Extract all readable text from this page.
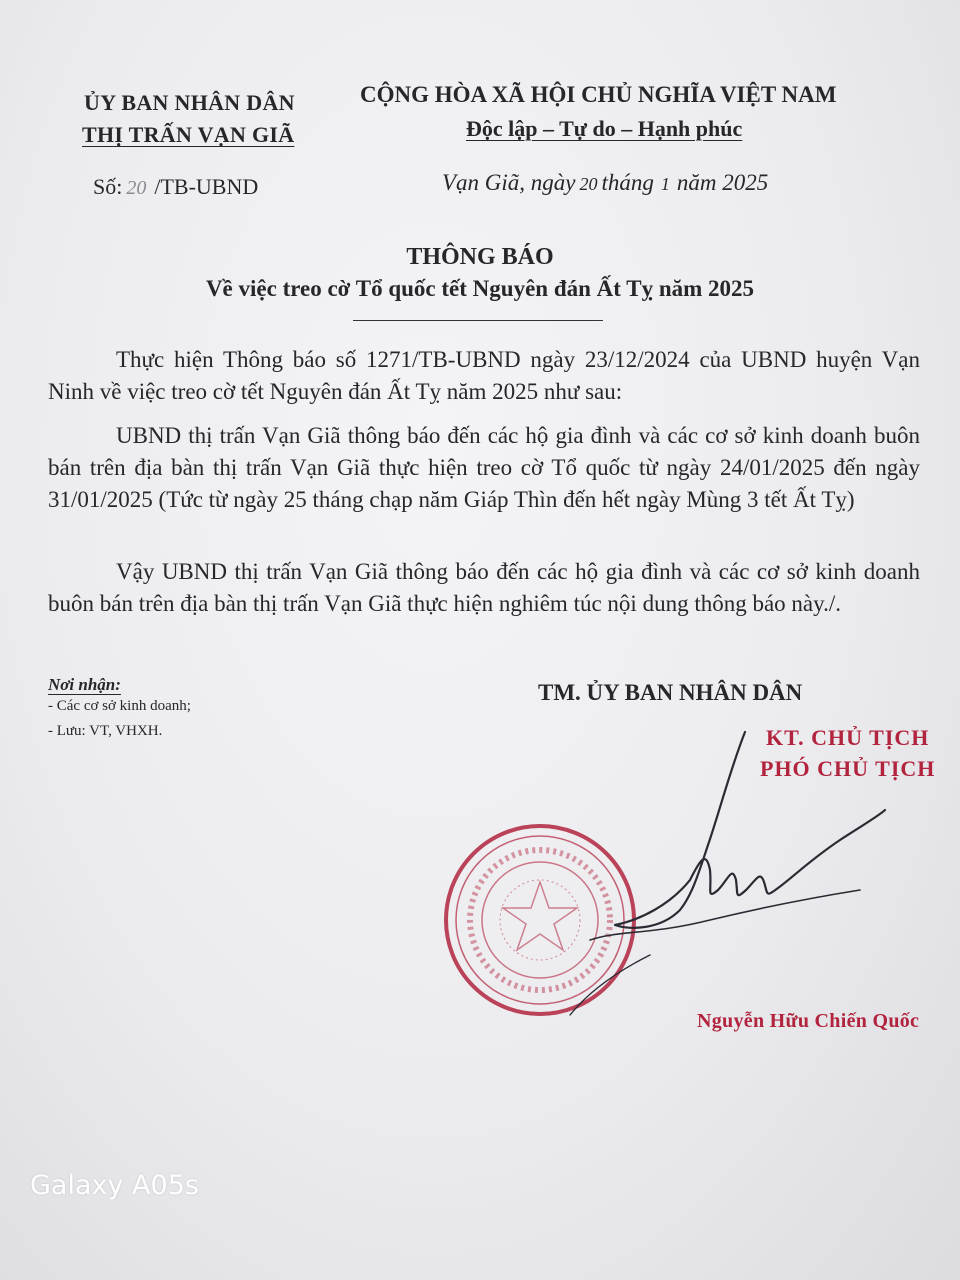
ỦY BAN NHÂN DÂN
THỊ TRẤN VẠN GIÃ
Số: 20 /TB-UBND
CỘNG HÒA XÃ HỘI CHỦ NGHĨA VIỆT NAM
Độc lập – Tự do – Hạnh phúc
Vạn Giã, ngày 20 tháng 1 năm 2025
THÔNG BÁO
Về việc treo cờ Tổ quốc tết Nguyên đán Ất Tỵ năm 2025
Thực hiện Thông báo số 1271/TB-UBND ngày 23/12/2024 của UBND huyện Vạn Ninh về việc treo cờ tết Nguyên đán Ất Tỵ năm 2025 như sau:
UBND thị trấn Vạn Giã thông báo đến các hộ gia đình và các cơ sở kinh doanh buôn bán trên địa bàn thị trấn Vạn Giã thực hiện treo cờ Tổ quốc từ ngày 24/01/2025 đến ngày 31/01/2025 (Tức từ ngày 25 tháng chạp năm Giáp Thìn đến hết ngày Mùng 3 tết Ất Tỵ)
Vậy UBND thị trấn Vạn Giã thông báo đến các hộ gia đình và các cơ sở kinh doanh buôn bán trên địa bàn thị trấn Vạn Giã thực hiện nghiêm túc nội dung thông báo này./.
Nơi nhận:
- Các cơ sở kinh doanh;
- Lưu: VT, VHXH.
TM. ỦY BAN NHÂN DÂN
KT. CHỦ TỊCH
PHÓ CHỦ TỊCH
Nguyễn Hữu Chiến Quốc
Galaxy A05s
